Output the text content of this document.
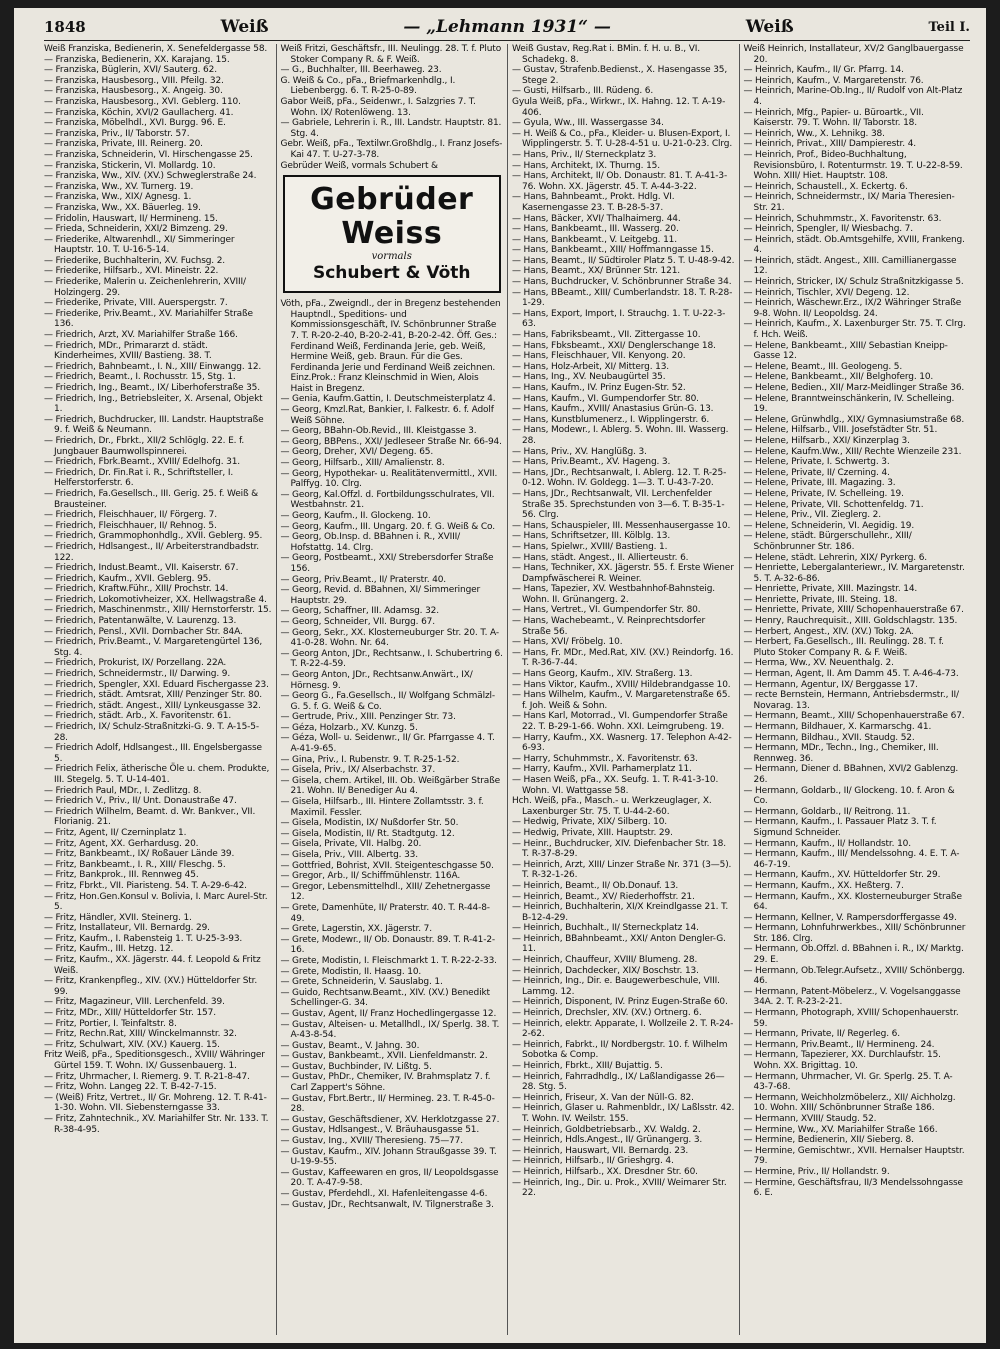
1848	Weiß	— „Lehmann 1931“ —	Weiß	Teil I.
Weiß Franziska, Bedienerin, X. Senefeldergasse 58.
— Franziska, Bedienerin, XX. Karajang. 15.
— Franziska, Büglerin, XVI/ Sauterg. 62.
— Franziska, Hausbesorg., VIII. Pfeilg. 32.
— Franziska, Hausbesorg., X. Angeig. 30.
— Franziska, Hausbesorg., XVI. Geblerg. 110.
— Franziska, Köchin, XVI/2 Gaullacherg. 41.
— Franziska, Möbelhdl., XVI. Burgg. 96. E.
— Franziska, Priv., II/ Taborstr. 57.
— Franziska, Private, III. Reinerg. 20.
— Franziska, Schneiderin, VI. Hirschengasse 25.
— Franziska, Stickerin, VI. Mollardg. 10.
— Franziska, Ww., XIV. (XV.) Schweglerstraße 24.
— Franziska, Ww., XV. Turnerg. 19.
— Franziska, Ww., XIX/ Agnesg. 1.
— Franziska, Ww., XX. Bäuerleg. 19.
— Fridolin, Hauswart, II/ Hermineng. 15.
— Frieda, Schneiderin, XXI/2 Bimzeng. 29.
— Friederike, Altwarenhdl., XI/ Simmeringer Hauptstr. 10. T. U-16-5-14.
— Friederike, Buchhalterin, XV. Fuchsg. 2.
— Friederike, Hilfsarb., XVI. Mineistr. 22.
— Friederike, Malerin u. Zeichenlehrerin, XVIII/ Holzingerg. 29.
— Friederike, Private, VIII. Auerspergstr. 7.
— Friederike, Priv.Beamt., XV. Mariahilfer Straße 136.
— Friedrich, Arzt, XV. Mariahilfer Straße 166.
— Friedrich, MDr., Primararzt d. städt. Kinderheimes, XVIII/ Bastieng. 38. T.
— Friedrich, Bahnbeamt., I. N., XIII/ Einwangg. 12.
— Friedrich, Beamt., I. Rochusstr. 15, Stg. 1.
— Friedrich, Ing., Beamt., IX/ Liberhoferstraße 35.
— Friedrich, Ing., Betriebsleiter, X. Arsenal, Objekt 1.
— Friedrich, Buchdrucker, III. Landstr. Hauptstraße 9. f. Weiß & Neumann.
— Friedrich, Dr., Fbrkt., XII/2 Schlöglg. 22. E. f. Jungbauer Baumwollspinnerei.
— Friedrich, Fbrk.Beamt., XVIII/ Edelhofg. 31.
— Friedrich, Dr. Fin.Rat i. R., Schriftsteller, I. Helferstorferstr. 6.
— Friedrich, Fa.Gesellsch., III. Gerig. 25. f. Weiß & Brausteiner.
— Friedrich, Fleischhauer, II/ Förgerg. 7.
— Friedrich, Fleischhauer, II/ Rehnog. 5.
— Friedrich, Grammophonhdlg., XVII. Geblerg. 95.
— Friedrich, Hdlsangest., II/ Arbeiterstrandbadstr. 122.
— Friedrich, Indust.Beamt., VII. Kaiserstr. 67.
— Friedrich, Kaufm., XVII. Geblerg. 95.
— Friedrich, Kraftw.Führ., XIII/ Prochstr. 14.
— Friedrich, Lokomotivheizer, XX. Hellwagstraße 4.
— Friedrich, Maschinenmstr., XIII/ Hernstorferstr. 15.
— Friedrich, Patentanwälte, V. Laurenzg. 13.
— Friedrich, Pensl., XVII. Dornbacher Str. 84A.
— Friedrich, Priv.Beamt., V. Margaretengürtel 136, Stg. 4.
— Friedrich, Prokurist, IX/ Porzellang. 22A.
— Friedrich, Schneidermstr., II/ Darwing. 9.
— Friedrich, Spengler, XXI. Eduard Fischergasse 23.
— Friedrich, städt. Amtsrat, XIII/ Penzinger Str. 80.
— Friedrich, städt. Angest., XIII/ Lynkeusgasse 32.
— Friedrich, städt. Arb., X. Favoritenstr. 61.
— Friedrich, IX/ Schulz-Straßnitzki-G. 9. T. A-15-5-28.
— Friedrich Adolf, Hdlsangest., III. Engelsbergasse 5.
— Friedrich Felix, ätherische Öle u. chem. Produkte, III. Stegelg. 5. T. U-14-401.
— Friedrich Paul, MDr., I. Zedlitzg. 8.
— Friedrich V., Priv., II/ Unt. Donaustraße 47.
— Friedrich Wilhelm, Beamt. d. Wr. Bankver., VII. Florianig. 21.
— Fritz, Agent, II/ Czerninplatz 1.
— Fritz, Agent, XX. Gerhardusg. 20.
— Fritz, Bankbeamt., IX/ Roßauer Lände 39.
— Fritz, Bankbeamt., I. R., XIII/ Fleschg. 5.
— Fritz, Bankprok., III. Rennweg 45.
— Fritz, Fbrkt., VII. Piaristeng. 54. T. A-29-6-42.
— Fritz, Hon.Gen.Konsul v. Bolivia, I. Marc Aurel-Str. 5.
— Fritz, Händler, XVII. Steinerg. 1.
— Fritz, Installateur, VII. Bernardg. 29.
— Fritz, Kaufm., I. Rabensteig 1. T. U-25-3-93.
— Fritz, Kaufm., III. Hetzg. 12.
— Fritz, Kaufm., XX. Jägerstr. 44. f. Leopold & Fritz Weiß.
— Fritz, Krankenpfleg., XIV. (XV.) Hütteldorfer Str. 99.
— Fritz, Magazineur, VIII. Lerchenfeld. 39.
— Fritz, MDr., XIII/ Hütteldorfer Str. 157.
— Fritz, Portier, I. Teinfaltstr. 8.
— Fritz, Rechn.Rat, XIII/ Winckelmannstr. 32.
— Fritz, Schulwart, XIV. (XV.) Kauerg. 15.
Fritz Weiß, pFa., Speditionsgesch., XVIII/ Währinger Gürtel 159. T. Wohn. IX/ Gussenbauerg. 1.
— Fritz, Uhrmacher, I. Riemerg. 9. T. R-21-8-47.
— Fritz, Wohn. Langeg 22. T. B-42-7-15.
— (Weiß) Fritz, Vertret., II/ Gr. Mohreng. 12. T. R-41-1-30. Wohn. VII. Siebensterngasse 33.
— Fritz, Zahntechnik., XV. Mariahilfer Str. Nr. 133. T. R-38-4-95.
Weiß Fritzi, Geschäftsfr., III. Neulingg. 28. T. f. Pluto Stoker Company R. & F. Weiß.
— G., Buchhalter, III. Beerhaweg. 23.
G. Weiß & Co., pFa., Briefmarkenhdlg., I. Liebenbergg. 6. T. R-25-0-89.
Gabor Weiß, pFa., Seidenwr., I. Salzgries 7. T. Wohn. IX/ Rotenlöweng. 13.
— Gabriele, Lehrerin i. R., III. Landstr. Hauptstr. 81. Stg. 4.
Gebr. Weiß, pFa., Textilwr.Großhdlg., I. Franz Josefs-Kai 47. T. U-27-3-78.
Gebrüder Weiß, vormals Schubert &
Gebrüder Weiss
vormals
Schubert & Vöth
Vöth, pFa., Zweigndl., der in Bregenz bestehenden Hauptndl., Speditions- und Kommissionsgeschäft, IV. Schönbrunner Straße 7. T. R-20-2-40, B-20-2-41, B-20-2-42. Öff. Ges.: Ferdinand Weiß, Ferdinanda Jerie, geb. Weiß, Hermine Weiß, geb. Braun. Für die Ges. Ferdinanda Jerie und Ferdinand Weiß zeichnen. Einz.Prok.: Franz Kleinschmid in Wien, Alois Haist in Bregenz.
— Genia, Kaufm.Gattin, I. Deutschmeisterplatz 4.
— Georg, Kmzl.Rat, Bankier, I. Falkestr. 6. f. Adolf Weiß Söhne.
— Georg, BBahn-Ob.Revid., III. Kleistgasse 3.
— Georg, BBPens., XXI/ Jedleseer Straße Nr. 66-94.
— Georg, Dreher, XVI/ Degeng. 65.
— Georg, Hilfsarb., XIII/ Amalienstr. 8.
— Georg, Hypothekar- u. Realitätenvermittl., XVII. Palffyg. 10. Clrg.
— Georg, Kal.Offzl. d. Fortbildungsschulrates, VII. Westbahnstr. 21.
— Georg, Kaufm., II. Glockeng. 10.
— Georg, Kaufm., III. Ungarg. 20. f. G. Weiß & Co.
— Georg, Ob.Insp. d. BBahnen i. R., XVIII/ Hofstattg. 14. Clrg.
— Georg, Postbeamt., XXI/ Strebersdorfer Straße 156.
— Georg, Priv.Beamt., II/ Praterstr. 40.
— Georg, Revid. d. BBahnen, XI/ Simmeringer Hauptstr. 29.
— Georg, Schaffner, III. Adamsg. 32.
— Georg, Schneider, VII. Burgg. 67.
— Georg, Sekr., XX. Klosterneuburger Str. 20. T. A-41-0-28. Wohn. Nr. 64.
— Georg Anton, JDr., Rechtsanw., I. Schubertring 6. T. R-22-4-59.
— Georg Anton, JDr., Rechtsanw.Anwärt., IX/ Hörnesg. 9.
— Georg G., Fa.Gesellsch., II/ Wolfgang Schmälzl-G. 5. f. G. Weiß & Co.
— Gertrude, Priv., XIII. Penzinger Str. 73.
— Géza, Holzarb., XV. Kunzg. 5.
— Géza, Woll- u. Seidenwr., II/ Gr. Pfarrgasse 4. T. A-41-9-65.
— Gina, Priv., I. Rubenstr. 9. T. R-25-1-52.
— Gisela, Priv., IX/ Alserbachstr. 37.
— Gisela, chem. Artikel, III. Ob. Weißgärber Straße 21. Wohn. II/ Benediger Au 4.
— Gisela, Hilfsarb., III. Hintere Zollamtsstr. 3. f. Maximil. Fessler.
— Gisela, Modistin, IX/ Nußdorfer Str. 50.
— Gisela, Modistin, II/ Rt. Stadtgutg. 12.
— Gisela, Private, VII. Halbg. 20.
— Gisela, Priv., VIII. Albertg. 33.
— Gottfried, Bohrist, XVII. Steigenteschgasse 50.
— Gregor, Arb., II/ Schiffmühlenstr. 116A.
— Gregor, Lebensmittelhdl., XIII/ Zehetnergasse 12.
— Grete, Damenhüte, II/ Praterstr. 40. T. R-44-8-49.
— Grete, Lagerstin, XX. Jägerstr. 7.
— Grete, Modewr., II/ Ob. Donaustr. 89. T. R-41-2-16.
— Grete, Modistin, I. Fleischmarkt 1. T. R-22-2-33.
— Grete, Modistin, II. Haasg. 10.
— Grete, Schneiderin, V. Sauslabg. 1.
— Guido, Rechtsanw.Beamt., XIV. (XV.) Benedikt Schellinger-G. 34.
— Gustav, Agent, II/ Franz Hochedlingergasse 12.
— Gustav, Alteisen- u. Metallhdl., IX/ Sperlg. 38. T. A-43-8-54.
— Gustav, Beamt., V. Jahng. 30.
— Gustav, Bankbeamt., XVII. Lienfeldmanstr. 2.
— Gustav, Buchbinder, IV. Lißtg. 5.
— Gustav, PhDr., Chemiker, IV. Brahmsplatz 7. f. Carl Zappert's Söhne.
— Gustav, Fbrt.Bertr., II/ Hermineg. 23. T. R-45-0-28.
— Gustav, Geschäftsdiener, XV. Herklotzgasse 27.
— Gustav, Hdlsangest., V. Bräuhausgasse 51.
— Gustav, Ing., XVIII/ Theresieng. 75—77.
— Gustav, Kaufm., XIV. Johann Straußgasse 39. T. U-19-9-55.
— Gustav, Kaffeewaren en gros, II/ Leopoldsgasse 20. T. A-47-9-58.
— Gustav, Pferdehdl., XI. Hafenleitengasse 4-6.
— Gustav, JDr., Rechtsanwalt, IV. Tilgnerstraße 3.
Weiß Gustav, Reg.Rat i. BMin. f. H. u. B., VI. Schadekg. 8.
— Gustav, Strafenb.Bedienst., X. Hasengasse 35, Stege 2.
— Gusti, Hilfsarb., III. Rüdeng. 6.
Gyula Weiß, pFa., Wirkwr., IX. Hahng. 12. T. A-19-406.
— Gyula, Ww., III. Wassergasse 34.
— H. Weiß & Co., pFa., Kleider- u. Blusen-Export, I. Wipplingerstr. 5. T. U-28-4-51 u. U-21-0-23. Clrg.
— Hans, Priv., II/ Sterneckplatz 3.
— Hans, Architekt, IX. Thurng. 15.
— Hans, Architekt, II/ Ob. Donaustr. 81. T. A-41-3-76. Wohn. XX. Jägerstr. 45. T. A-44-3-22.
— Hans, Bahnbeamt., Prokt. Hdlg. VI. Kasernengasse 23. T. B-28-5-37.
— Hans, Bäcker, XVI/ Thalhaimerg. 44.
— Hans, Bankbeamt., III. Wasserg. 20.
— Hans, Bankbeamt., V. Leitgebg. 11.
— Hans, Bankbeamt., XIII/ Hoffmanngasse 15.
— Hans, Beamt., II/ Südtiroler Platz 5. T. U-48-9-42.
— Hans, Beamt., XX/ Brünner Str. 121.
— Hans, Buchdrucker, V. Schönbrunner Straße 34.
— Hans, BBeamt., XIII/ Cumberlandstr. 18. T. R-28-1-29.
— Hans, Export, Import, I. Strauchg. 1. T. U-22-3-63.
— Hans, Fabriksbeamt., VII. Zittergasse 10.
— Hans, Fbksbeamt., XXI/ Denglerschange 18.
— Hans, Fleischhauer, VII. Kenyong. 20.
— Hans, Holz-Arbeit, XI/ Mitterg. 13.
— Hans, Ing., XV. Neubaugürtel 35.
— Hans, Kaufm., IV. Prinz Eugen-Str. 52.
— Hans, Kaufm., VI. Gumpendorfer Str. 80.
— Hans, Kaufm., XVIII/ Anastasius Grün-G. 13.
— Hans, Kunstblumenerz., I. Wipplingerstr. 6.
— Hans, Modewr., I. Ablerg. 5. Wohn. III. Wasserg. 28.
— Hans, Priv., XV. Hanglüßg. 3.
— Hans, Priv.Beamt., XV. Hageng. 3.
— Hans, JDr., Rechtsanwalt, I. Ablerg. 12. T. R-25-0-12. Wohn. IV. Goldegg. 1—3. T. U-43-7-20.
— Hans, JDr., Rechtsanwalt, VII. Lerchenfelder Straße 35. Sprechstunden von 3—6. T. B-35-1-56. Clrg.
— Hans, Schauspieler, III. Messenhausergasse 10.
— Hans, Schriftsetzer, III. Kölblg. 13.
— Hans, Spielwr., XVIII/ Bastieng. 1.
— Hans, städt. Angest., II. Allierteustr. 6.
— Hans, Techniker, XX. Jägerstr. 55. f. Erste Wiener Dampfwäscherei R. Weiner.
— Hans, Tapezier, XV. Westbahnhof-Bahnsteig. Wohn. II. Grünangerg. 2.
— Hans, Vertret., VI. Gumpendorfer Str. 80.
— Hans, Wachebeamt., V. Reinprechtsdorfer Straße 56.
— Hans, XVI/ Fröbelg. 10.
— Hans, Fr. MDr., Med.Rat, XIV. (XV.) Reindorfg. 16. T. R-36-7-44.
— Hans Georg, Kaufm., XIV. Straßerg. 13.
— Hans Viktor, Kaufm., XVIII/ Hildebrandgasse 10.
— Hans Wilhelm, Kaufm., V. Margaretenstraße 65. f. Joh. Weiß & Sohn.
— Hans Karl, Motorrad., VI. Gumpendorfer Straße 22. T. B-29-1-66. Wohn. XXI. Leimgrubeng. 19.
— Harry, Kaufm., XX. Wasnerg. 17. Telephon A-42-6-93.
— Harry, Schuhmmstr., X. Favoritenstr. 63.
— Harry, Kaufm., XVII. Parhamerplatz 11.
— Hasen Weiß, pFa., XX. Seufg. 1. T. R-41-3-10. Wohn. VI. Wattgasse 58.
Hch. Weiß, pFa., Masch.- u. Werkzeuglager, X. Laxenburger Str. 75. T. U-44-2-60.
— Hedwig, Private, XIX/ Silberg. 10.
— Hedwig, Private, XIII. Hauptstr. 29.
— Heinr., Buchdrucker, XIV. Diefenbacher Str. 18. T. R-37-8-29.
— Heinrich, Arzt, XIII/ Linzer Straße Nr. 371 (3—5). T. R-32-1-26.
— Heinrich, Beamt., II/ Ob.Donauf. 13.
— Heinrich, Beamt., XV/ Riederhoffstr. 21.
— Heinrich, Buchhalterin, XI/X Kreindlgasse 21. T. B-12-4-29.
— Heinrich, Buchhalt., II/ Sterneckplatz 14.
— Heinrich, BBahnbeamt., XXI/ Anton Dengler-G. 11.
— Heinrich, Chauffeur, XVIII/ Blumeng. 28.
— Heinrich, Dachdecker, XIX/ Boschstr. 13.
— Heinrich, Ing., Dir. e. Baugewerbeschule, VIII. Lammg. 12.
— Heinrich, Disponent, IV. Prinz Eugen-Straße 60.
— Heinrich, Drechsler, XIV. (XV.) Ortnerg. 6.
— Heinrich, elektr. Apparate, I. Wollzeile 2. T. R-24-2-62.
— Heinrich, Fabrkt., II/ Nordbergstr. 10. f. Wilhelm Sobotka & Comp.
— Heinrich, Fbrkt., XIII/ Bujattig. 5.
— Heinrich, Fahrradhdlg., IX/ Laßlandigasse 26—28. Stg. 5.
— Heinrich, Friseur, X. Van der Nüll-G. 82.
— Heinrich, Glaser u. Rahmenbldr., IX/ Laßlsstr. 42. T. Wohn. IV. Weilstr. 155.
— Heinrich, Goldbetriebsarb., XV. Waldg. 2.
— Heinrich, Hdls.Angest., II/ Grünangerg. 3.
— Heinrich, Hauswart, VII. Bernardg. 23.
— Heinrich, Hilfsarb., II/ Grieshgrg. 4.
— Heinrich, Hilfsarb., XX. Dresdner Str. 60.
— Heinrich, Ing., Dir. u. Prok., XVIII/ Weimarer Str. 22.
Weiß Heinrich, Installateur, XV/2 Ganglbauergasse 20.
— Heinrich, Kaufm., II/ Gr. Pfarrg. 14.
— Heinrich, Kaufm., V. Margaretenstr. 76.
— Heinrich, Marine-Ob.Ing., II/ Rudolf von Alt-Platz 4.
— Heinrich, Mfg., Papier- u. Büroartk., VII. Kaiserstr. 79. T. Wohn. II/ Taborstr. 18.
— Heinrich, Ww., X. Lehnikg. 38.
— Heinrich, Privat., XIII/ Dampierestr. 4.
— Heinrich, Prof., Bideo-Buchhaltung, Revisionsbüro, I. Rotenturmstr. 19. T. U-22-8-59. Wohn. XIII/ Hiet. Hauptstr. 108.
— Heinrich, Schaustell., X. Eckertg. 6.
— Heinrich, Schneidermstr., IX/ Maria Theresien-Str. 21.
— Heinrich, Schuhmmstr., X. Favoritenstr. 63.
— Heinrich, Spengler, II/ Wiesbachg. 7.
— Heinrich, städt. Ob.Amtsgehilfe, XVIII, Frankeng. 4.
— Heinrich, städt. Angest., XIII. Camillianergasse 12.
— Heinrich, Stricker, IX/ Schulz Straßnitzkigasse 5.
— Heinrich, Tischler, XVI/ Degeng. 12.
— Heinrich, Wäschewr.Erz., IX/2 Währinger Straße 9-8. Wohn. II/ Leopoldsg. 24.
— Heinrich, Kaufm., X. Laxenburger Str. 75. T. Clrg. f. Hch. Weiß.
— Helene, Bankbeamt., XIII/ Sebastian Kneipp-Gasse 12.
— Helene, Beamt., III. Geologeng. 5.
— Helene, Bankbeamt., XII/ Belghoferg. 10.
— Helene, Bedien., XII/ Marz-Meidlinger Straße 36.
— Helene, Branntweinschänkerin, IV. Schelleing. 19.
— Helene, Grünwhdlg., XIX/ Gymnasiumstraße 68.
— Helene, Hilfsarb., VIII. Josefstädter Str. 51.
— Helene, Hilfsarb., XXI/ Kinzerplag 3.
— Helene, Kaufm.Ww., XIII/ Rechte Wienzeile 231.
— Helene, Private, I. Schwertg. 3.
— Helene, Private, II/ Czerning. 4.
— Helene, Private, III. Magazing. 3.
— Helene, Private, IV. Schelleing. 19.
— Helene, Private, VII. Schottenfeldg. 71.
— Helene, Priv., VII. Zieglerg. 2.
— Helene, Schneiderin, VI. Aegidig. 19.
— Helene, städt. Bürgerschullehr., XIII/ Schönbrunner Str. 186.
— Helene, städt. Lehrerin, XIX/ Pyrkerg. 6.
— Henriette, Lebergalanteriewr., IV. Margaretenstr. 5. T. A-32-6-86.
— Henriette, Private, XIII. Mazingstr. 14.
— Henriette, Private, III. Steing. 18.
— Henriette, Private, XIII/ Schopenhauerstraße 67.
— Henry, Rauchrequisit., XIII. Goldschlagstr. 135.
— Herbert, Angest., XIV. (XV.) Tokg. 2A.
— Herbert, Fa.Gesellsch., III. Reulingg. 28. T. f. Pluto Stoker Company R. & F. Weiß.
— Herma, Ww., XV. Neuenthalg. 2.
— Herman, Agent, II. Am Damm 45. T. A-46-4-73.
— Hermann, Agentur, IX/ Berggasse 17.
— recte Bernstein, Hermann, Antriebsdermstr., II/ Novarag. 13.
— Hermann, Beamt., XIII/ Schopenhauerstraße 67.
— Hermann, Bildhauer, X. Karmarschg. 41.
— Hermann, Bildhau., XVII. Staudg. 52.
— Hermann, MDr., Techn., Ing., Chemiker, III. Rennweg. 36.
— Hermann, Diener d. BBahnen, XVI/2 Gablenzg. 26.
— Hermann, Goldarb., II/ Glockeng. 10. f. Aron & Co.
— Hermann, Goldarb., II/ Reitrong. 11.
— Hermann, Kaufm., I. Passauer Platz 3. T. f. Sigmund Schneider.
— Hermann, Kaufm., II/ Hollandstr. 10.
— Hermann, Kaufm., III/ Mendelssohng. 4. E. T. A-46-7-19.
— Hermann, Kaufm., XV. Hütteldorfer Str. 29.
— Hermann, Kaufm., XX. Heßterg. 7.
— Hermann, Kaufm., XX. Klosterneuburger Straße 64.
— Hermann, Kellner, V. Rampersdorffergasse 49.
— Hermann, Lohnfuhrwerkbes., XIII/ Schönbrunner Str. 186. Clrg.
— Hermann, Ob.Offzl. d. BBahnen i. R., IX/ Marktg. 29. E.
— Hermann, Ob.Telegr.Aufsetz., XVIII/ Schönbergg. 46.
— Hermann, Patent-Möbelerz., V. Vogelsanggasse 34A. 2. T. R-23-2-21.
— Hermann, Photograph, XVIII/ Schopenhauerstr. 59.
— Hermann, Private, II/ Regerleg. 6.
— Hermann, Priv.Beamt., II/ Hermineng. 24.
— Hermann, Tapezierer, XX. Durchlaufstr. 15. Wohn. XX. Brigittag. 10.
— Hermann, Uhrmacher, VI. Gr. Sperlg. 25. T. A-43-7-68.
— Hermann, Weichholzmöbelerz., XII/ Aichholzg. 10. Wohn. XIII/ Schönbrunner Straße 186.
— Hermann, XVIII/ Staudg. 52.
— Hermine, Ww., XV. Mariahilfer Straße 166.
— Hermine, Bedienerin, XII/ Sieberg. 8.
— Hermine, Gemischtwr., XVII. Hernalser Hauptstr. 79.
— Hermine, Priv., II/ Hollandstr. 9.
— Hermine, Geschäftsfrau, II/3 Mendelssohngasse 6. E.
